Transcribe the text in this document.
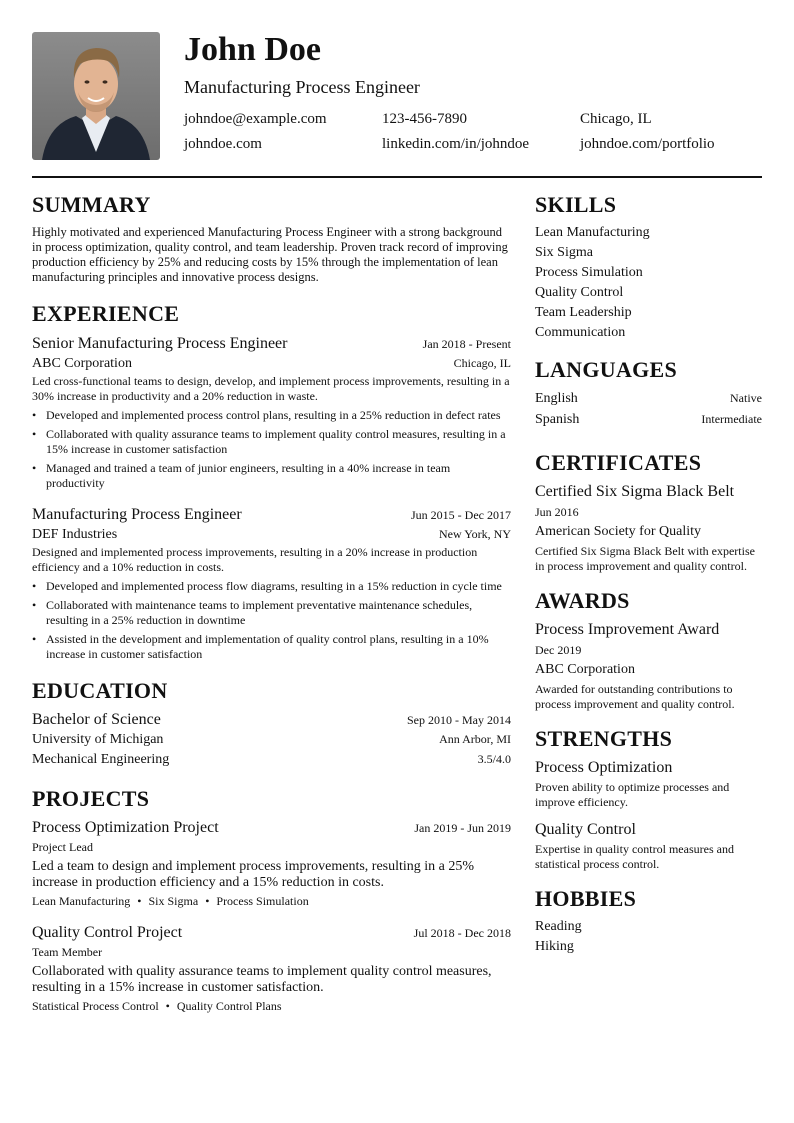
John Doe
Manufacturing Process Engineer
johndoe@example.com	123-456-7890	Chicago, IL
johndoe.com	linkedin.com/in/johndoe	johndoe.com/portfolio
SUMMARY
Highly motivated and experienced Manufacturing Process Engineer with a strong background in process optimization, quality control, and team leadership. Proven track record of improving production efficiency by 25% and reducing costs by 15% through the implementation of lean manufacturing principles and innovative process designs.
EXPERIENCE
Senior Manufacturing Process Engineer	Jan 2018 - Present
ABC Corporation	Chicago, IL
Led cross-functional teams to design, develop, and implement process improvements, resulting in a 30% increase in productivity and a 20% reduction in waste.
• Developed and implemented process control plans, resulting in a 25% reduction in defect rates
• Collaborated with quality assurance teams to implement quality control measures, resulting in a 15% increase in customer satisfaction
• Managed and trained a team of junior engineers, resulting in a 40% increase in team productivity
Manufacturing Process Engineer	Jun 2015 - Dec 2017
DEF Industries	New York, NY
Designed and implemented process improvements, resulting in a 20% increase in production efficiency and a 10% reduction in costs.
• Developed and implemented process flow diagrams, resulting in a 15% reduction in cycle time
• Collaborated with maintenance teams to implement preventative maintenance schedules, resulting in a 25% reduction in downtime
• Assisted in the development and implementation of quality control plans, resulting in a 10% increase in customer satisfaction
EDUCATION
Bachelor of Science	Sep 2010 - May 2014
University of Michigan	Ann Arbor, MI
Mechanical Engineering	3.5/4.0
PROJECTS
Process Optimization Project	Jan 2019 - Jun 2019
Project Lead
Led a team to design and implement process improvements, resulting in a 25% increase in production efficiency and a 15% reduction in costs.
Lean Manufacturing • Six Sigma • Process Simulation
Quality Control Project	Jul 2018 - Dec 2018
Team Member
Collaborated with quality assurance teams to implement quality control measures, resulting in a 15% increase in customer satisfaction.
Statistical Process Control • Quality Control Plans
SKILLS
Lean Manufacturing
Six Sigma
Process Simulation
Quality Control
Team Leadership
Communication
LANGUAGES
English	Native
Spanish	Intermediate
CERTIFICATES
Certified Six Sigma Black Belt
Jun 2016
American Society for Quality
Certified Six Sigma Black Belt with expertise in process improvement and quality control.
AWARDS
Process Improvement Award
Dec 2019
ABC Corporation
Awarded for outstanding contributions to process improvement and quality control.
STRENGTHS
Process Optimization
Proven ability to optimize processes and improve efficiency.
Quality Control
Expertise in quality control measures and statistical process control.
HOBBIES
Reading
Hiking
